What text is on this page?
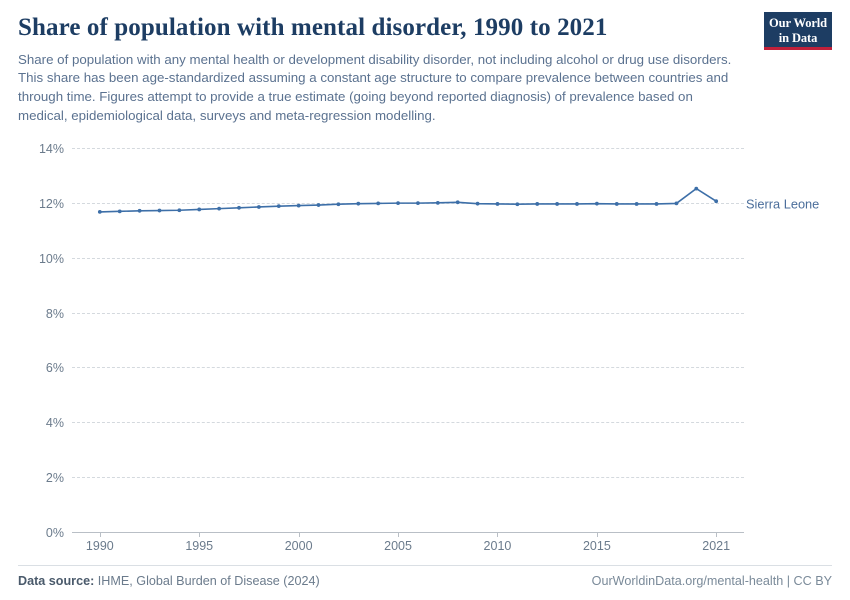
Share of population with mental disorder, 1990 to 2021

Share of population with any mental health or development disability disorder, not including alcohol or drug use disorders. This share has been age-standardized assuming a constant age structure to compare prevalence between countries and through time. Figures attempt to provide a true estimate (going beyond reported diagnosis) of prevalence based on medical, epidemiological data, surveys and meta-regression modelling.

Our World
in Data
14%
12%
10%
8%
6%
4%
2%
0%
1990	1995	2000	2005	2010	2015	2021
Sierra Leone
Data source: IHME, Global Burden of Disease (2024)	OurWorldinData.org/mental-health | CC BY
